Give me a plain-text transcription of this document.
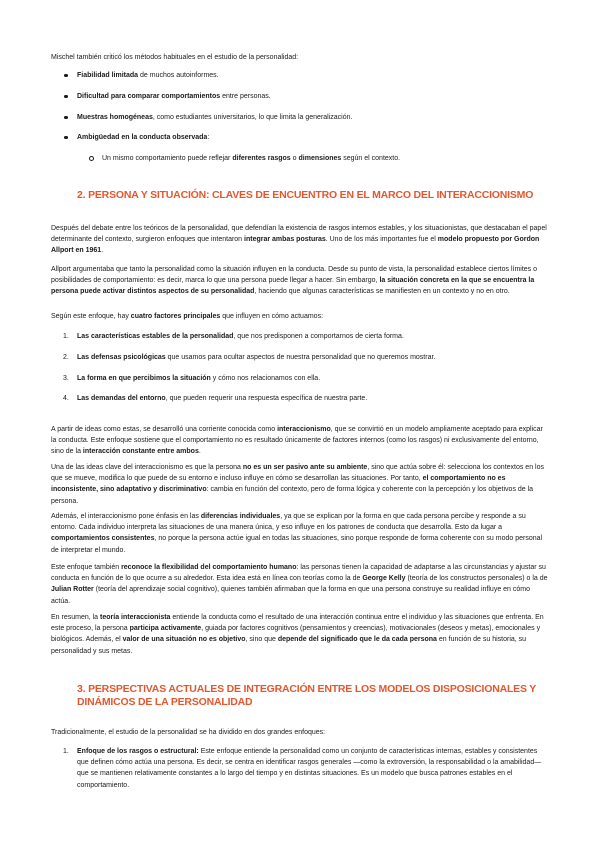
Mischel también criticó los métodos habituales en el estudio de la personalidad:

Fiabilidad limitada de muchos autoinformes.
Dificultad para comparar comportamientos entre personas.
Muestras homogéneas, como estudiantes universitarios, lo que limita la generalización.
Ambigüedad en la conducta observada:
Un mismo comportamiento puede reflejar diferentes rasgos o dimensiones según el contexto.
2. PERSONA Y SITUACIÓN: CLAVES DE ENCUENTRO EN EL MARCO DEL INTERACCIONISMO

Después del debate entre los teóricos de la personalidad, que defendían la existencia de rasgos internos estables, y los situacionistas, que destacaban el papel determinante del contexto, surgieron enfoques que intentaron integrar ambas posturas. Uno de los más importantes fue el modelo propuesto por Gordon Allport en 1961.

Allport argumentaba que tanto la personalidad como la situación influyen en la conducta. Desde su punto de vista, la personalidad establece ciertos límites o posibilidades de comportamiento: es decir, marca lo que una persona puede llegar a hacer. Sin embargo, la situación concreta en la que se encuentra la persona puede activar distintos aspectos de su personalidad, haciendo que algunas características se manifiesten en un contexto y no en otro.

Según este enfoque, hay cuatro factores principales que influyen en cómo actuamos:

1. Las características estables de la personalidad, que nos predisponen a comportarnos de cierta forma.
2. Las defensas psicológicas que usamos para ocultar aspectos de nuestra personalidad que no queremos mostrar.
3. La forma en que percibimos la situación y cómo nos relacionamos con ella.
4. Las demandas del entorno, que pueden requerir una respuesta específica de nuestra parte.

A partir de ideas como estas, se desarrolló una corriente conocida como interaccionismo, que se convirtió en un modelo ampliamente aceptado para explicar la conducta. Este enfoque sostiene que el comportamiento no es resultado únicamente de factores internos (como los rasgos) ni exclusivamente del entorno, sino de la interacción constante entre ambos.

Una de las ideas clave del interaccionismo es que la persona no es un ser pasivo ante su ambiente, sino que actúa sobre él: selecciona los contextos en los que se mueve, modifica lo que puede de su entorno e incluso influye en cómo se desarrollan las situaciones. Por tanto, el comportamiento no es inconsistente, sino adaptativo y discriminativo: cambia en función del contexto, pero de forma lógica y coherente con la percepción y los objetivos de la persona.

Además, el interaccionismo pone énfasis en las diferencias individuales, ya que se explican por la forma en que cada persona percibe y responde a su entorno. Cada individuo interpreta las situaciones de una manera única, y eso influye en los patrones de conducta que desarrolla. Esto da lugar a comportamientos consistentes, no porque la persona actúe igual en todas las situaciones, sino porque responde de forma coherente con su modo personal de interpretar el mundo.

Este enfoque también reconoce la flexibilidad del comportamiento humano: las personas tienen la capacidad de adaptarse a las circunstancias y ajustar su conducta en función de lo que ocurre a su alrededor. Esta idea está en línea con teorías como la de George Kelly (teoría de los constructos personales) o la de Julian Rotter (teoría del aprendizaje social cognitivo), quienes también afirmaban que la forma en que una persona construye su realidad influye en cómo actúa.

En resumen, la teoría interaccionista entiende la conducta como el resultado de una interacción continua entre el individuo y las situaciones que enfrenta. En este proceso, la persona participa activamente, guiada por factores cognitivos (pensamientos y creencias), motivacionales (deseos y metas), emocionales y biológicos. Además, el valor de una situación no es objetivo, sino que depende del significado que le da cada persona en función de su historia, su personalidad y sus metas.

3. PERSPECTIVAS ACTUALES DE INTEGRACIÓN ENTRE LOS MODELOS DISPOSICIONALES Y DINÁMICOS DE LA PERSONALIDAD

Tradicionalmente, el estudio de la personalidad se ha dividido en dos grandes enfoques:

1. Enfoque de los rasgos o estructural: Este enfoque entiende la personalidad como un conjunto de características internas, estables y consistentes que definen cómo actúa una persona. Es decir, se centra en identificar rasgos generales —como la extroversión, la responsabilidad o la amabilidad— que se mantienen relativamente constantes a lo largo del tiempo y en distintas situaciones. Es un modelo que busca patrones estables en el comportamiento.
